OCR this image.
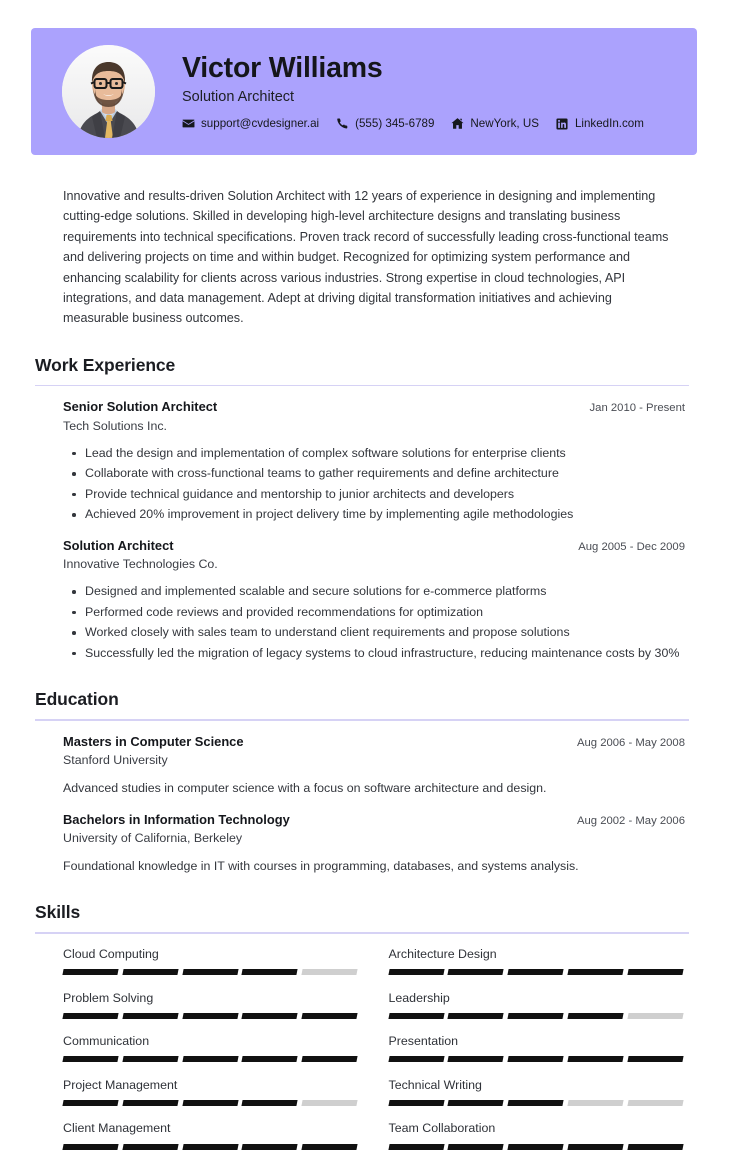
Victor Williams
Solution Architect
support@cvdesigner.ai	(555) 345-6789	NewYork, US	LinkedIn.com

Innovative and results-driven Solution Architect with 12 years of experience in designing and implementing cutting-edge solutions. Skilled in developing high-level architecture designs and translating business requirements into technical specifications. Proven track record of successfully leading cross-functional teams and delivering projects on time and within budget. Recognized for optimizing system performance and enhancing scalability for clients across various industries. Strong expertise in cloud technologies, API integrations, and data management. Adept at driving digital transformation initiatives and achieving measurable business outcomes.

Work Experience
Senior Solution Architect	Jan 2010 - Present
Tech Solutions Inc.
Lead the design and implementation of complex software solutions for enterprise clients
Collaborate with cross-functional teams to gather requirements and define architecture
Provide technical guidance and mentorship to junior architects and developers
Achieved 20% improvement in project delivery time by implementing agile methodologies
Solution Architect	Aug 2005 - Dec 2009
Innovative Technologies Co.
Designed and implemented scalable and secure solutions for e-commerce platforms
Performed code reviews and provided recommendations for optimization
Worked closely with sales team to understand client requirements and propose solutions
Successfully led the migration of legacy systems to cloud infrastructure, reducing maintenance costs by 30%
Education
Masters in Computer Science	Aug 2006 - May 2008
Stanford University
Advanced studies in computer science with a focus on software architecture and design.
Bachelors in Information Technology	Aug 2002 - May 2006
University of California, Berkeley
Foundational knowledge in IT with courses in programming, databases, and systems analysis.
Skills
Cloud Computing	Architecture Design
Problem Solving	Leadership
Communication	Presentation
Project Management	Technical Writing
Client Management	Team Collaboration
